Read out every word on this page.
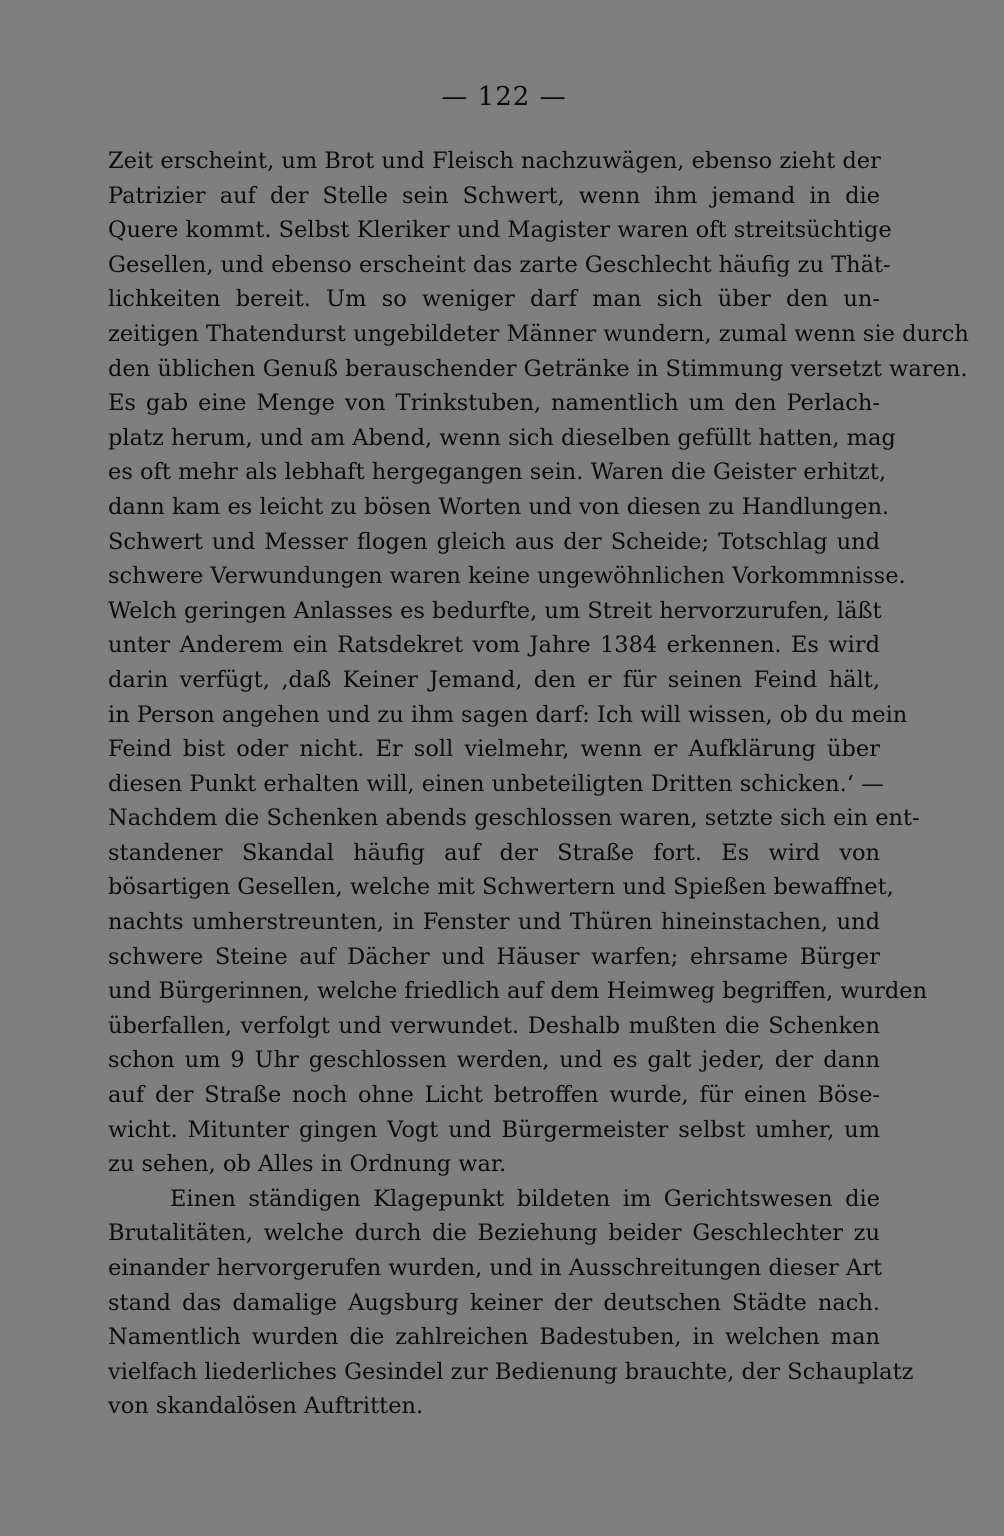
— 122 —
Zeit erscheint, um Brot und Fleisch nachzuwägen, ebenso zieht der
Patrizier auf der Stelle sein Schwert, wenn ihm jemand in die
Quere kommt. Selbst Kleriker und Magister waren oft streitsüchtige
Gesellen, und ebenso erscheint das zarte Geschlecht häufig zu Thät-
lichkeiten bereit. Um so weniger darf man sich über den un-
zeitigen Thatendurst ungebildeter Männer wundern, zumal wenn sie durch
den üblichen Genuß berauschender Getränke in Stimmung versetzt waren.
Es gab eine Menge von Trinkstuben, namentlich um den Perlach-
platz herum, und am Abend, wenn sich dieselben gefüllt hatten, mag
es oft mehr als lebhaft hergegangen sein. Waren die Geister erhitzt,
dann kam es leicht zu bösen Worten und von diesen zu Handlungen.
Schwert und Messer flogen gleich aus der Scheide; Totschlag und
schwere Verwundungen waren keine ungewöhnlichen Vorkommnisse.
Welch geringen Anlasses es bedurfte, um Streit hervorzurufen, läßt
unter Anderem ein Ratsdekret vom Jahre 1384 erkennen. Es wird
darin verfügt, ‚daß Keiner Jemand, den er für seinen Feind hält,
in Person angehen und zu ihm sagen darf: Ich will wissen, ob du mein
Feind bist oder nicht. Er soll vielmehr, wenn er Aufklärung über
diesen Punkt erhalten will, einen unbeteiligten Dritten schicken.‘ —
Nachdem die Schenken abends geschlossen waren, setzte sich ein ent-
standener Skandal häufig auf der Straße fort. Es wird von
bösartigen Gesellen, welche mit Schwertern und Spießen bewaffnet,
nachts umherstreunten, in Fenster und Thüren hineinstachen, und
schwere Steine auf Dächer und Häuser warfen; ehrsame Bürger
und Bürgerinnen, welche friedlich auf dem Heimweg begriffen, wurden
überfallen, verfolgt und verwundet. Deshalb mußten die Schenken
schon um 9 Uhr geschlossen werden, und es galt jeder, der dann
auf der Straße noch ohne Licht betroffen wurde, für einen Böse-
wicht. Mitunter gingen Vogt und Bürgermeister selbst umher, um
zu sehen, ob Alles in Ordnung war.
Einen ständigen Klagepunkt bildeten im Gerichtswesen die
Brutalitäten, welche durch die Beziehung beider Geschlechter zu
einander hervorgerufen wurden, und in Ausschreitungen dieser Art
stand das damalige Augsburg keiner der deutschen Städte nach.
Namentlich wurden die zahlreichen Badestuben, in welchen man
vielfach liederliches Gesindel zur Bedienung brauchte, der Schauplatz
von skandalösen Auftritten.
